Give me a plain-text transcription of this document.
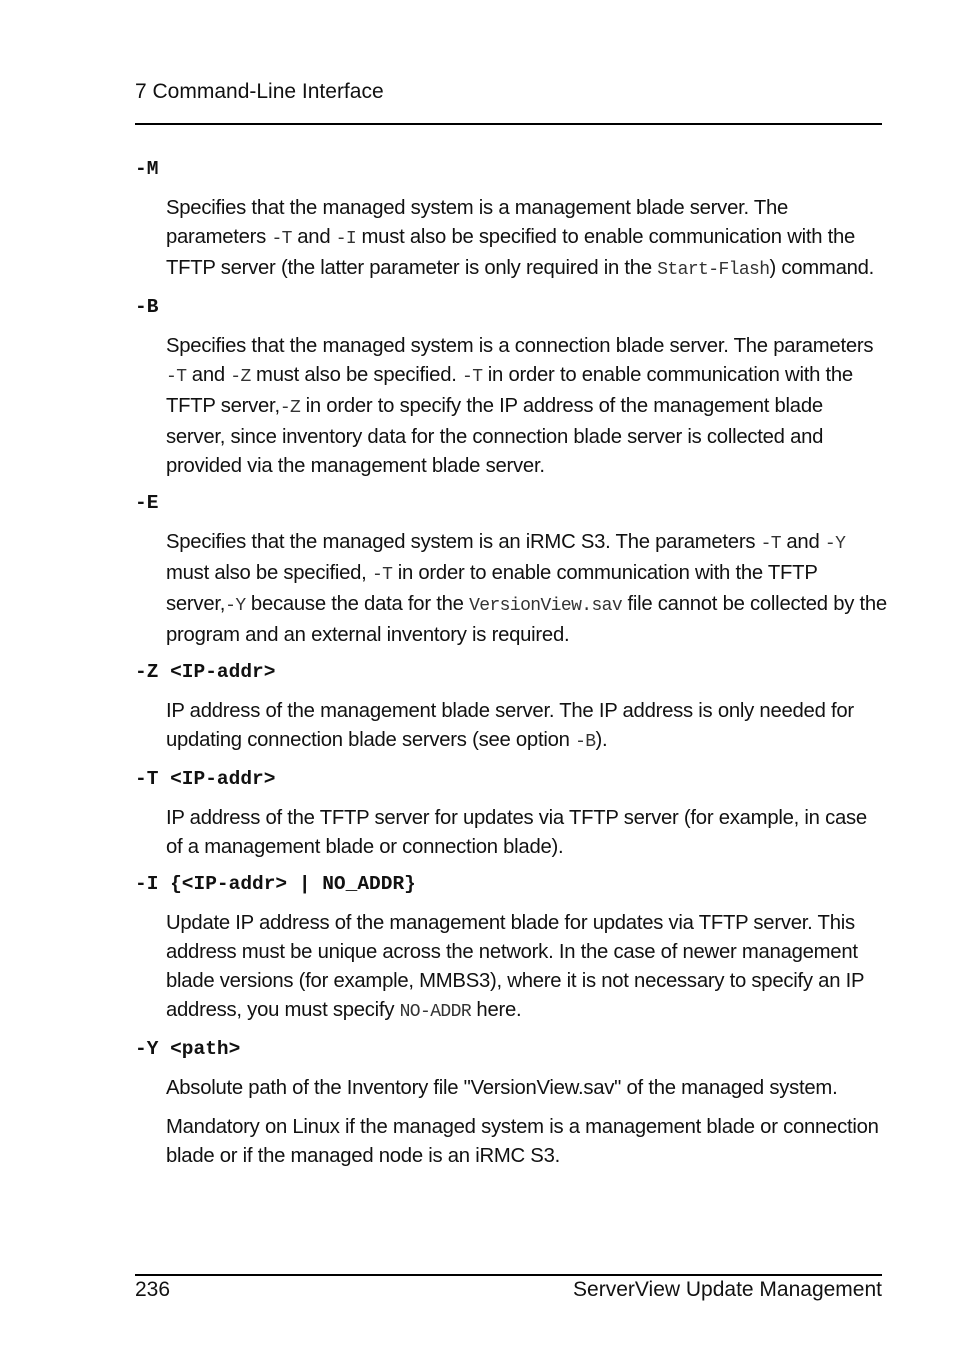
7 Command-Line Interface
-M
Specifies that the managed system is a management blade server. The parameters -T and -I must also be specified to enable communication with the TFTP server (the latter parameter is only required in the Start-Flash) command.
-B
Specifies that the managed system is a connection blade server. The parameters -T and -Z must also be specified. -T in order to enable communication with the TFTP server,-Z in order to specify the IP address of the management blade server, since inventory data for the connection blade server is collected and provided via the management blade server.
-E
Specifies that the managed system is an iRMC S3. The parameters -T and -Y must also be specified, -T in order to enable communication with the TFTP server,-Y because the data for the VersionView.sav file cannot be collected by the program and an external inventory is required.
-Z <IP-addr>
IP address of the management blade server. The IP address is only needed for updating connection blade servers (see option -B).
-T <IP-addr>
IP address of the TFTP server for updates via TFTP server (for example, in case of a management blade or connection blade).
-I {<IP-addr> | NO_ADDR}
Update IP address of the management blade for updates via TFTP server. This address must be unique across the network. In the case of newer management blade versions (for example, MMBS3), where it is not necessary to specify an IP address, you must specify NO-ADDR here.
-Y <path>
Absolute path of the Inventory file "VersionView.sav" of the managed system.
Mandatory on Linux if the managed system is a management blade or connection blade or if the managed node is an iRMC S3.
236	ServerView Update Management
